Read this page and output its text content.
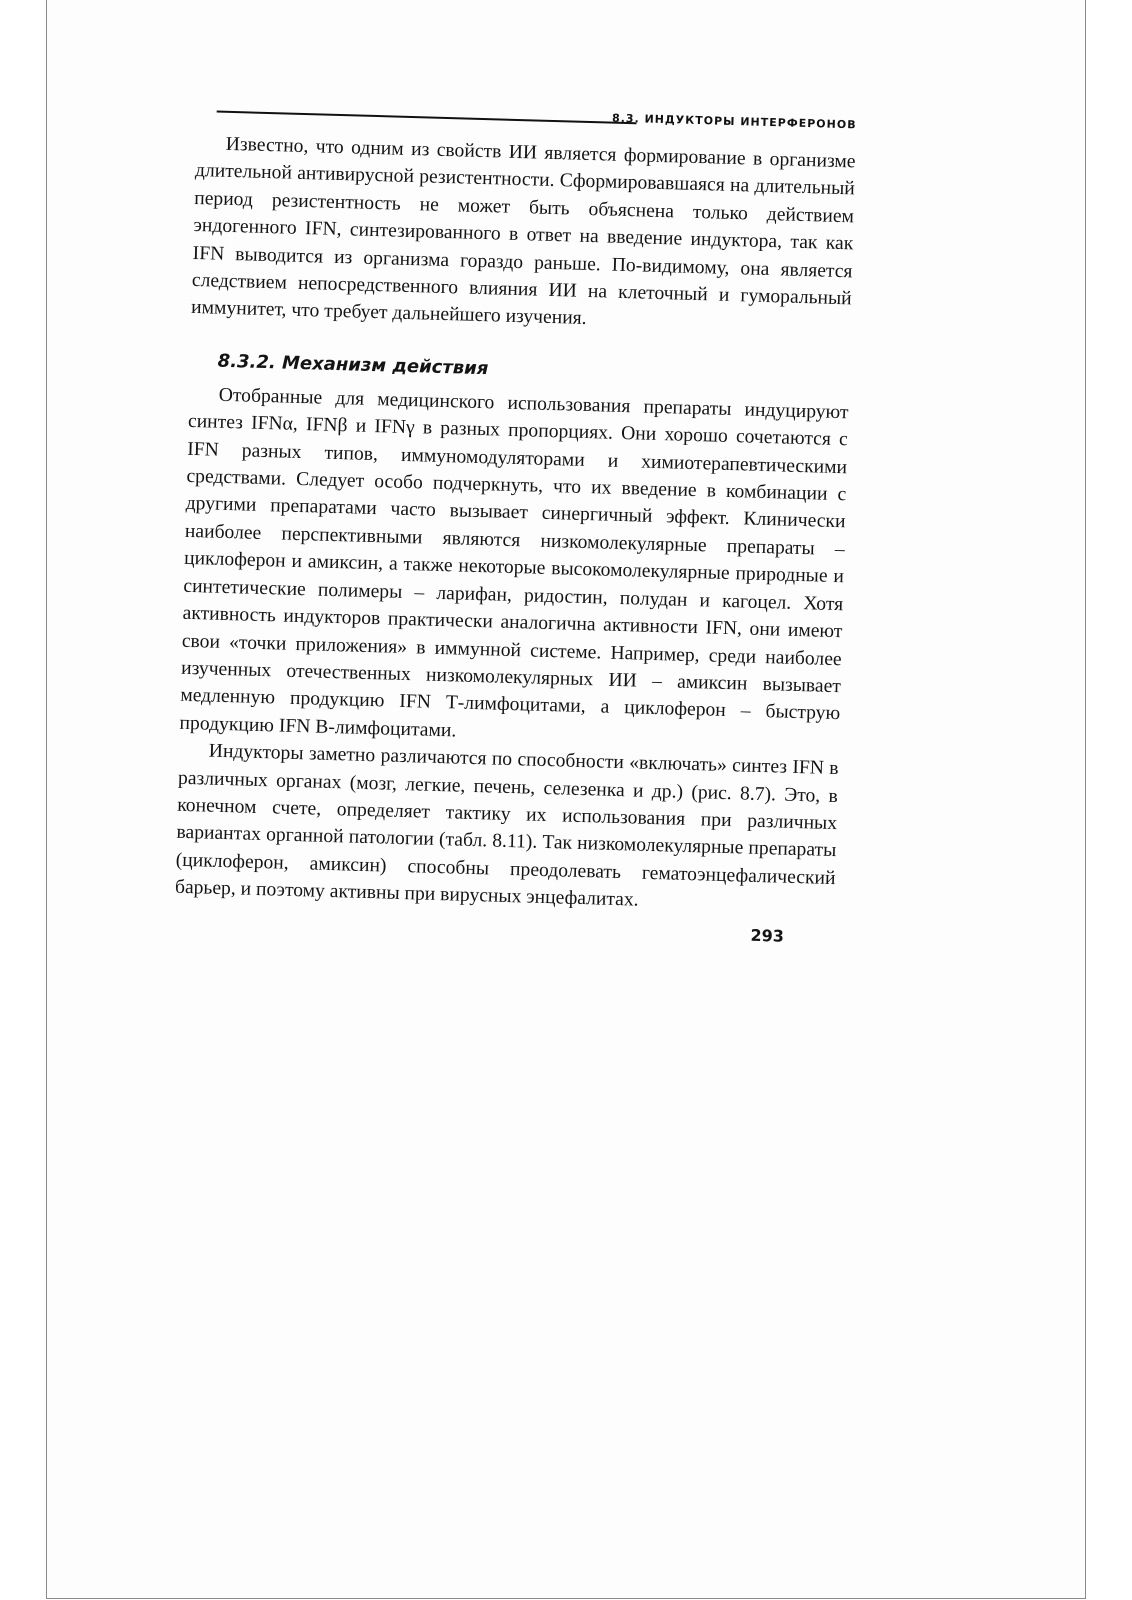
8.3. ИНДУКТОРЫ ИНТЕРФЕРОНОВ

Известно, что одним из свойств ИИ является формирование в организме длительной антивирусной резистентности. Сформировавшаяся на длительный период резистентность не может быть объяснена только действием эндогенного IFN, синтезированного в ответ на введение индуктора, так как IFN выводится из организма гораздо раньше. По-видимому, она является следствием непосредственного влияния ИИ на клеточный и гуморальный иммунитет, что требует дальнейшего изучения.

8.3.2. Механизм действия

Отобранные для медицинского использования препараты индуцируют синтез IFNα, IFNβ и IFNγ в разных пропорциях. Они хорошо сочетаются с IFN разных типов, иммуномодуляторами и химиотерапевтическими средствами. Следует особо подчеркнуть, что их введение в комбинации с другими препаратами часто вызывает синергичный эффект. Клинически наиболее перспективными являются низкомолекулярные препараты – циклоферон и амиксин, а также некоторые высокомолекулярные природные и синтетические полимеры – ларифан, ридостин, полудан и кагоцел. Хотя активность индукторов практически аналогична активности IFN, они имеют свои «точки приложения» в иммунной системе. Например, среди наиболее изученных отечественных низкомолекулярных ИИ – амиксин вызывает медленную продукцию IFN Т-лимфоцитами, а циклоферон – быструю продукцию IFN В-лимфоцитами.

Индукторы заметно различаются по способности «включать» синтез IFN в различных органах (мозг, легкие, печень, селезенка и др.) (рис. 8.7). Это, в конечном счете, определяет тактику их использования при различных вариантах органной патологии (табл. 8.11). Так низкомолекулярные препараты (циклоферон, амиксин) способны преодолевать гематоэнцефалический барьер, и поэтому активны при вирусных энцефалитах.

293
